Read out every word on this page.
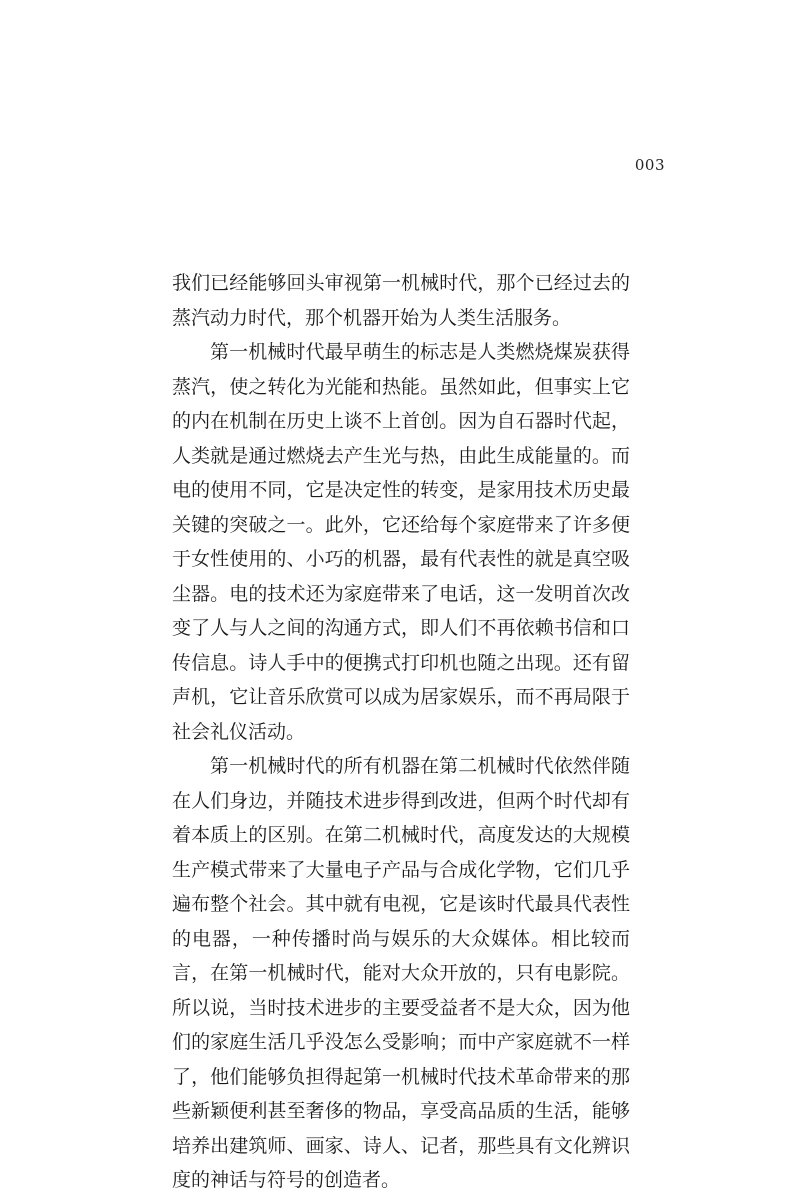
003

我们已经能够回头审视第一机械时代，那个已经过去的蒸汽动力时代，那个机器开始为人类生活服务。

第一机械时代最早萌生的标志是人类燃烧煤炭获得蒸汽，使之转化为光能和热能。虽然如此，但事实上它的内在机制在历史上谈不上首创。因为自石器时代起，人类就是通过燃烧去产生光与热，由此生成能量的。而电的使用不同，它是决定性的转变，是家用技术历史最关键的突破之一。此外，它还给每个家庭带来了许多便于女性使用的、小巧的机器，最有代表性的就是真空吸尘器。电的技术还为家庭带来了电话，这一发明首次改变了人与人之间的沟通方式，即人们不再依赖书信和口传信息。诗人手中的便携式打印机也随之出现。还有留声机，它让音乐欣赏可以成为居家娱乐，而不再局限于社会礼仪活动。

第一机械时代的所有机器在第二机械时代依然伴随在人们身边，并随技术进步得到改进，但两个时代却有着本质上的区别。在第二机械时代，高度发达的大规模生产模式带来了大量电子产品与合成化学物，它们几乎遍布整个社会。其中就有电视，它是该时代最具代表性的电器，一种传播时尚与娱乐的大众媒体。相比较而言，在第一机械时代，能对大众开放的，只有电影院。所以说，当时技术进步的主要受益者不是大众，因为他们的家庭生活几乎没怎么受影响；而中产家庭就不一样了，他们能够负担得起第一机械时代技术革命带来的那些新颖便利甚至奢侈的物品，享受高品质的生活，能够培养出建筑师、画家、诗人、记者，那些具有文化辨识度的神话与符号的创造者。
